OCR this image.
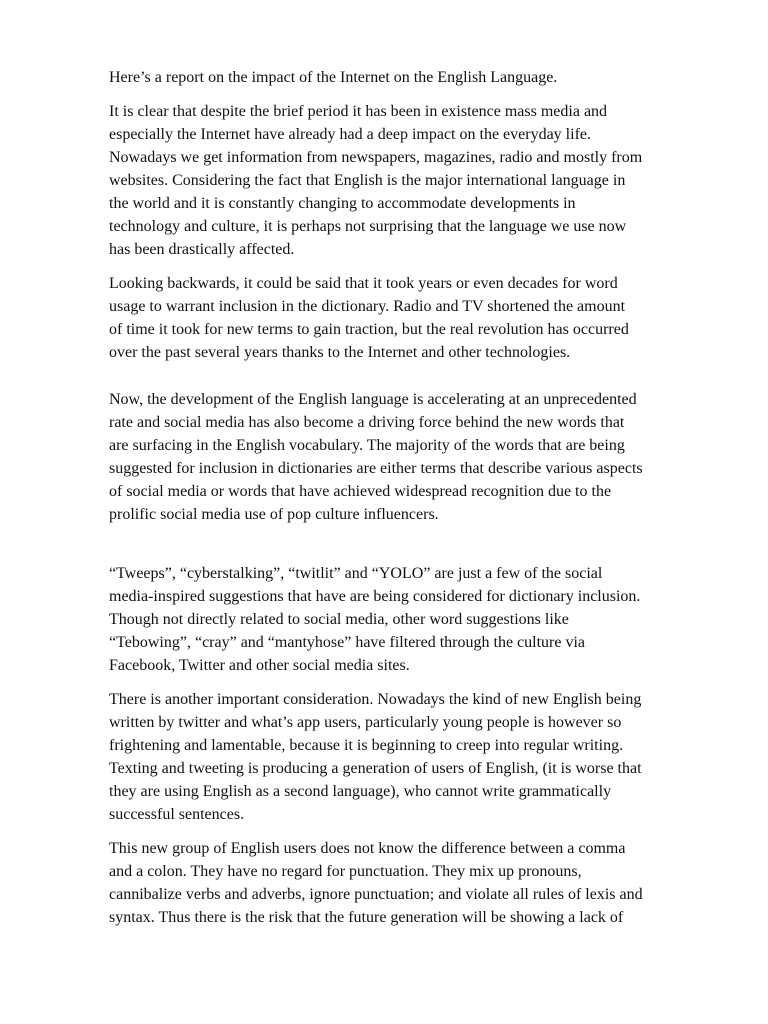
Here’s a report on the impact of the Internet on the English Language.

It is clear that despite the brief period it has been in existence mass media and
especially the Internet have already had a deep impact on the everyday life.
Nowadays we get information from newspapers, magazines, radio and mostly from
websites. Considering the fact that English is the major international language in
the world and it is constantly changing to accommodate developments in
technology and culture, it is perhaps not surprising that the language we use now
has been drastically affected.

Looking backwards, it could be said that it took years or even decades for word
usage to warrant inclusion in the dictionary. Radio and TV shortened the amount
of time it took for new terms to gain traction, but the real revolution has occurred
over the past several years thanks to the Internet and other technologies.

Now, the development of the English language is accelerating at an unprecedented
rate and social media has also become a driving force behind the new words that
are surfacing in the English vocabulary. The majority of the words that are being
suggested for inclusion in dictionaries are either terms that describe various aspects
of social media or words that have achieved widespread recognition due to the
prolific social media use of pop culture influencers.

“Tweeps”, “cyberstalking”, “twitlit” and “YOLO” are just a few of the social
media-inspired suggestions that have are being considered for dictionary inclusion.
Though not directly related to social media, other word suggestions like
“Tebowing”, “cray” and “mantyhose” have filtered through the culture via
Facebook, Twitter and other social media sites.

There is another important consideration. Nowadays the kind of new English being
written by twitter and what’s app users, particularly young people is however so
frightening and lamentable, because it is beginning to creep into regular writing.
Texting and tweeting is producing a generation of users of English, (it is worse that
they are using English as a second language), who cannot write grammatically
successful sentences.

This new group of English users does not know the difference between a comma
and a colon. They have no regard for punctuation. They mix up pronouns,
cannibalize verbs and adverbs, ignore punctuation; and violate all rules of lexis and
syntax. Thus there is the risk that the future generation will be showing a lack of
